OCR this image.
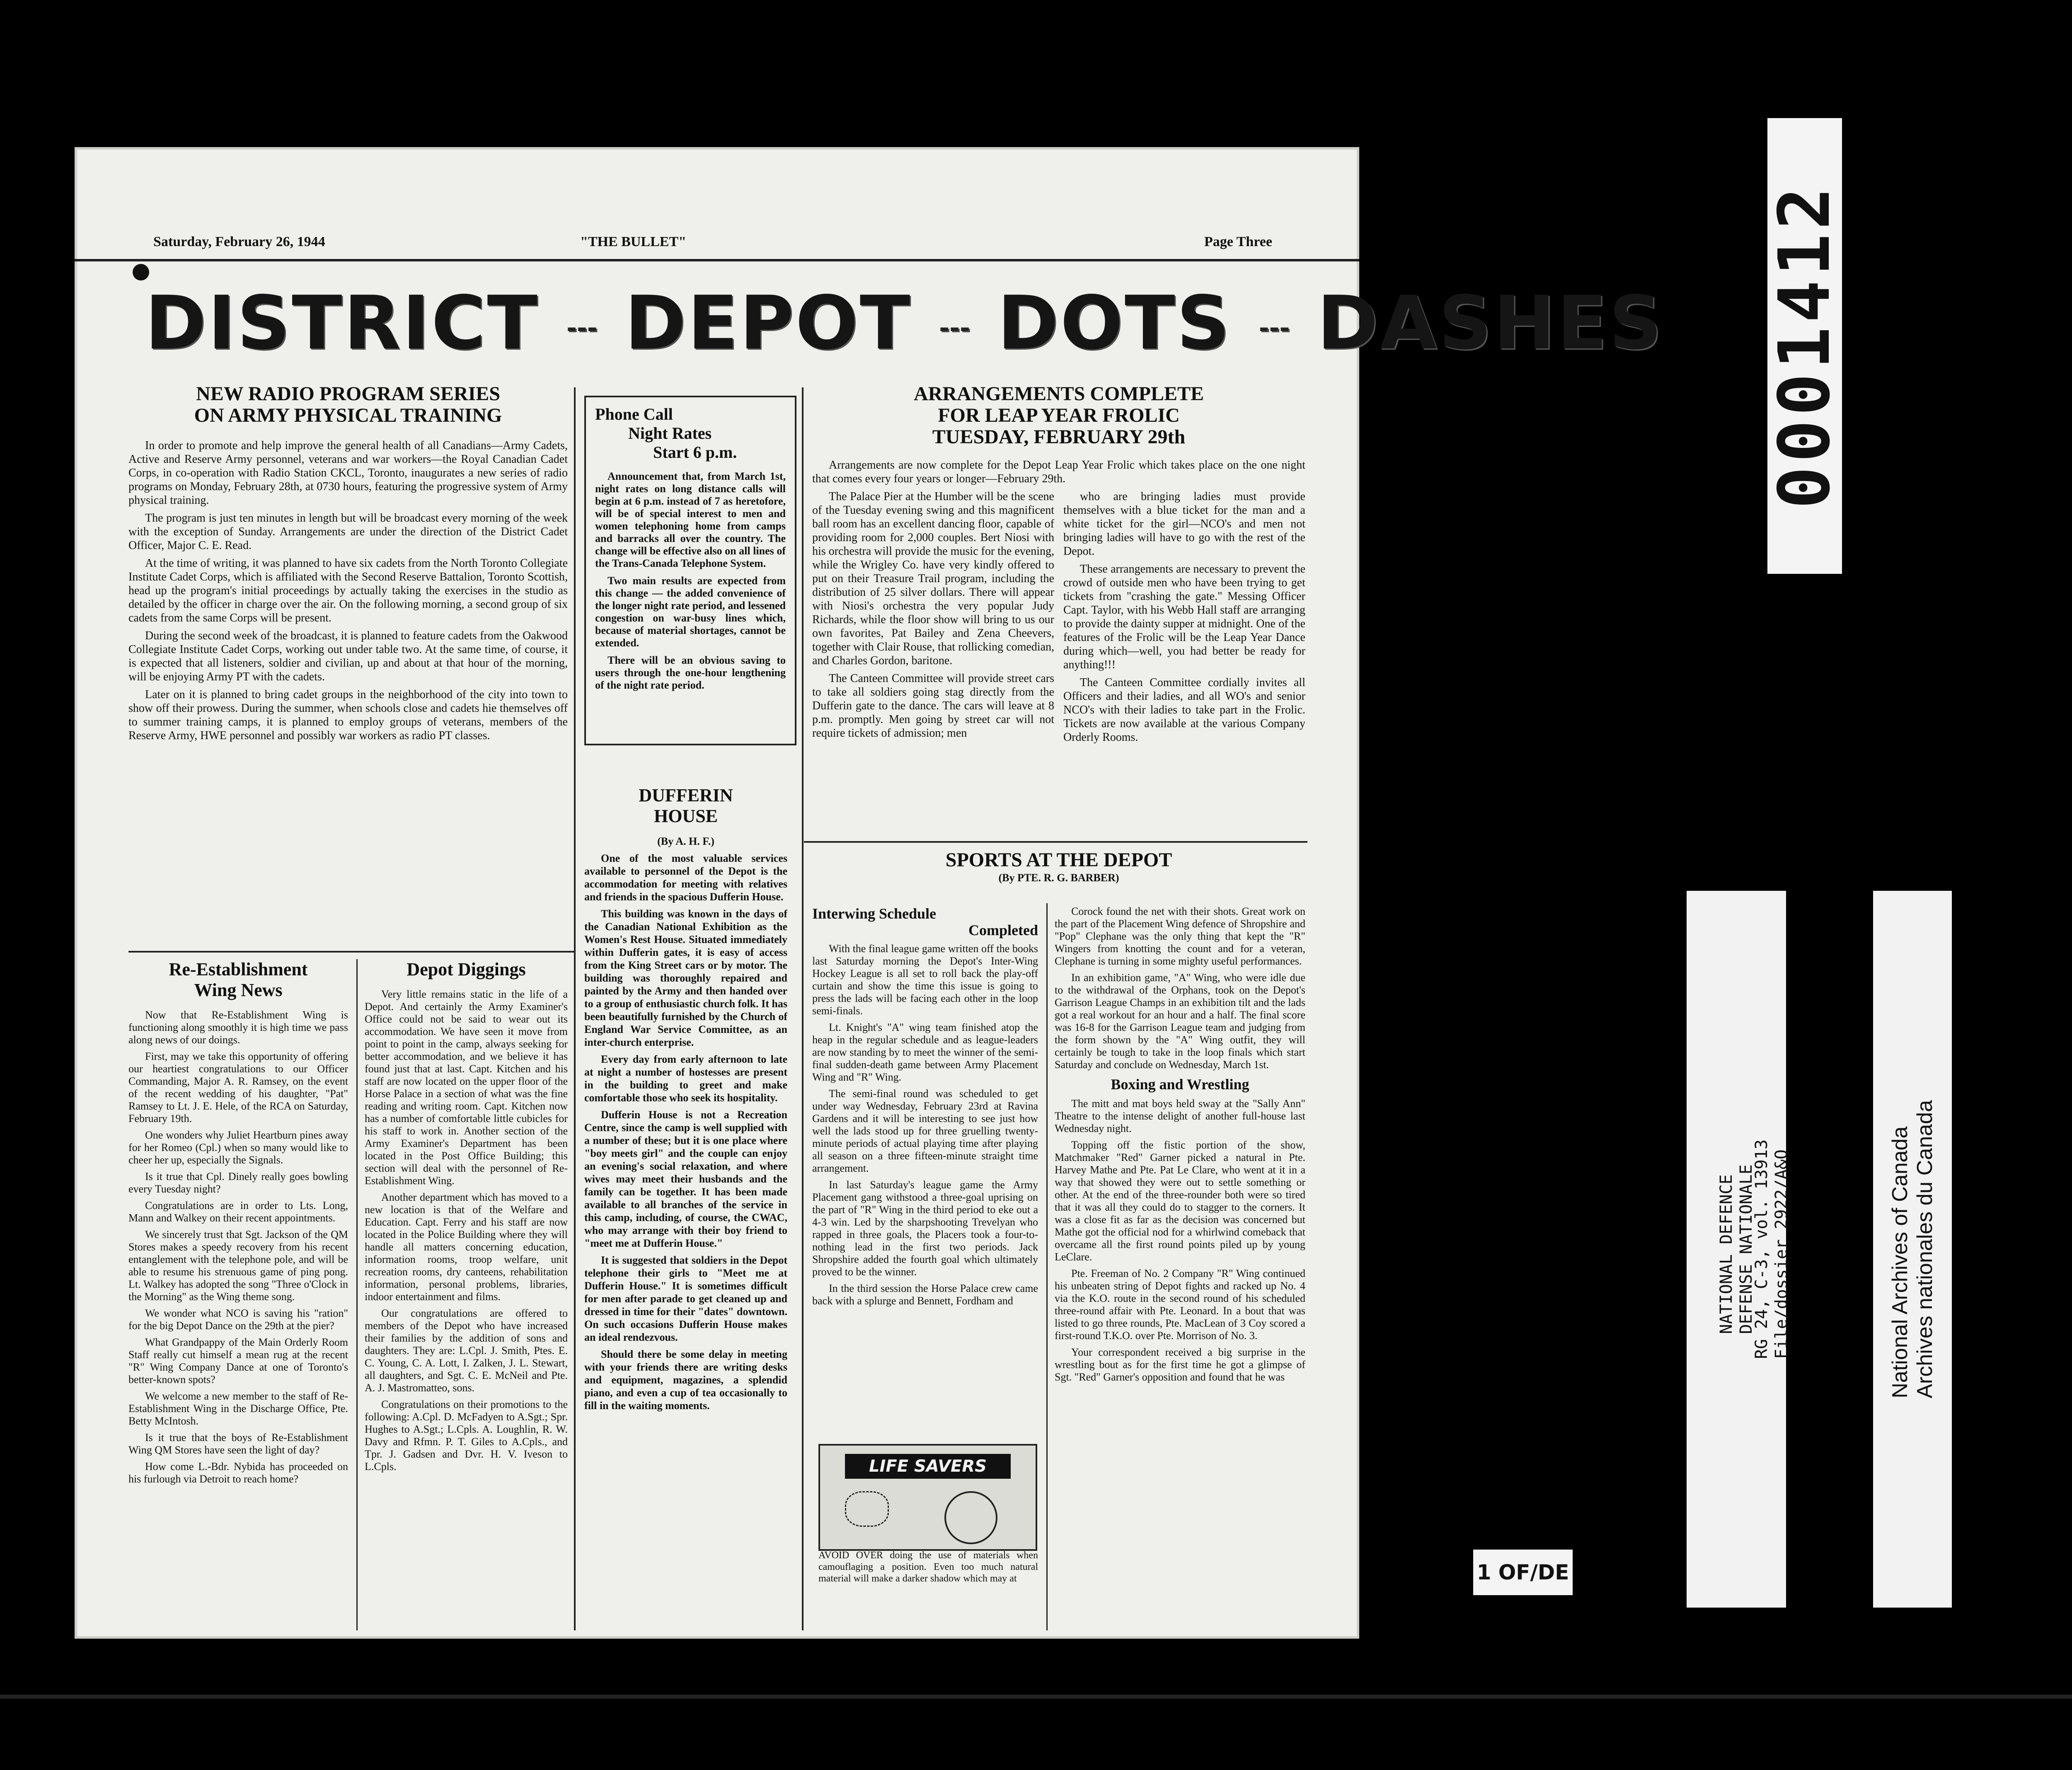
Saturday, February 26, 1944	"THE BULLET"	Page Three
DISTRICT --- DEPOT --- DOTS --- DASHES
NEW RADIO PROGRAM SERIES
ON ARMY PHYSICAL TRAINING

In order to promote and help improve the general health of all Canadians—Army Cadets, Active and Reserve Army personnel, veterans and war workers—the Royal Canadian Cadet Corps, in co-operation with Radio Station CKCL, Toronto, inaugurates a new series of radio programs on Monday, February 28th, at 0730 hours, featuring the progressive system of Army physical training.

The program is just ten minutes in length but will be broadcast every morning of the week with the exception of Sunday. Arrangements are under the direction of the District Cadet Officer, Major C. E. Read.

At the time of writing, it was planned to have six cadets from the North Toronto Collegiate Institute Cadet Corps, which is affiliated with the Second Reserve Battalion, Toronto Scottish, head up the program's initial proceedings by actually taking the exercises in the studio as detailed by the officer in charge over the air. On the following morning, a second group of six cadets from the same Corps will be present.

During the second week of the broadcast, it is planned to feature cadets from the Oakwood Collegiate Institute Cadet Corps, working out under table two. At the same time, of course, it is expected that all listeners, soldier and civilian, up and about at that hour of the morning, will be enjoying Army PT with the cadets.

Later on it is planned to bring cadet groups in the neighborhood of the city into town to show off their prowess. During the summer, when schools close and cadets hie themselves off to summer training camps, it is planned to employ groups of veterans, members of the Reserve Army, HWE personnel and possibly war workers as radio PT classes.

Phone Call
Night Rates
Start 6 p.m.

Announcement that, from March 1st, night rates on long distance calls will begin at 6 p.m. instead of 7 as heretofore, will be of special interest to men and women telephoning home from camps and barracks all over the country. The change will be effective also on all lines of the Trans-Canada Telephone System.

Two main results are expected from this change — the added convenience of the longer night rate period, and lessened congestion on war-busy lines which, because of material shortages, cannot be extended.

There will be an obvious saving to users through the one-hour lengthening of the night rate period.

DUFFERIN
HOUSE
(By A. H. F.)

One of the most valuable services available to personnel of the Depot is the accommodation for meeting with relatives and friends in the spacious Dufferin House.

This building was known in the days of the Canadian National Exhibition as the Women's Rest House. Situated immediately within Dufferin gates, it is easy of access from the King Street cars or by motor. The building was thoroughly repaired and painted by the Army and then handed over to a group of enthusiastic church folk. It has been beautifully furnished by the Church of England War Service Committee, as an inter-church enterprise.

Every day from early afternoon to late at night a number of hostesses are present in the building to greet and make comfortable those who seek its hospitality.

Dufferin House is not a Recreation Centre, since the camp is well supplied with a number of these; but it is one place where "boy meets girl" and the couple can enjoy an evening's social relaxation, and where wives may meet their husbands and the family can be together. It has been made available to all branches of the service in this camp, including, of course, the CWAC, who may arrange with their boy friend to "meet me at Dufferin House."

It is suggested that soldiers in the Depot telephone their girls to "Meet me at Dufferin House." It is sometimes difficult for men after parade to get cleaned up and dressed in time for their "dates" downtown. On such occasions Dufferin House makes an ideal rendezvous.

Should there be some delay in meeting with your friends there are writing desks and equipment, magazines, a splendid piano, and even a cup of tea occasionally to fill in the waiting moments.

ARRANGEMENTS COMPLETE
FOR LEAP YEAR FROLIC
TUESDAY, FEBRUARY 29th

Arrangements are now complete for the Depot Leap Year Frolic which takes place on the one night that comes every four years or longer—February 29th.

The Palace Pier at the Humber will be the scene of the Tuesday evening swing and this magnificent ball room has an excellent dancing floor, capable of providing room for 2,000 couples. Bert Niosi with his orchestra will provide the music for the evening, while the Wrigley Co. have very kindly offered to put on their Treasure Trail program, including the distribution of 25 silver dollars. There will appear with Niosi's orchestra the very popular Judy Richards, while the floor show will bring to us our own favorites, Pat Bailey and Zena Cheevers, together with Clair Rouse, that rollicking comedian, and Charles Gordon, baritone.

The Canteen Committee will provide street cars to take all soldiers going stag directly from the Dufferin gate to the dance. The cars will leave at 8 p.m. promptly. Men going by street car will not require tickets of admission; men

who are bringing ladies must provide themselves with a blue ticket for the man and a white ticket for the girl—NCO's and men not bringing ladies will have to go with the rest of the Depot.

These arrangements are necessary to prevent the crowd of outside men who have been trying to get tickets from "crashing the gate." Messing Officer Capt. Taylor, with his Webb Hall staff are arranging to provide the dainty supper at midnight. One of the features of the Frolic will be the Leap Year Dance during which—well, you had better be ready for anything!!!

The Canteen Committee cordially invites all Officers and their ladies, and all WO's and senior NCO's with their ladies to take part in the Frolic. Tickets are now available at the various Company Orderly Rooms.

Re-Establishment
Wing News

Now that Re-Establishment Wing is functioning along smoothly it is high time we pass along news of our doings.

First, may we take this opportunity of offering our heartiest congratulations to our Officer Commanding, Major A. R. Ramsey, on the event of the recent wedding of his daughter, "Pat" Ramsey to Lt. J. E. Hele, of the RCA on Saturday, February 19th.

One wonders why Juliet Heartburn pines away for her Romeo (Cpl.) when so many would like to cheer her up, especially the Signals.

Is it true that Cpl. Dinely really goes bowling every Tuesday night?

Congratulations are in order to Lts. Long, Mann and Walkey on their recent appointments.

We sincerely trust that Sgt. Jackson of the QM Stores makes a speedy recovery from his recent entanglement with the telephone pole, and will be able to resume his strenuous game of ping pong. Lt. Walkey has adopted the song "Three o'Clock in the Morning" as the Wing theme song.

We wonder what NCO is saving his "ration" for the big Depot Dance on the 29th at the pier?

What Grandpappy of the Main Orderly Room Staff really cut himself a mean rug at the recent "R" Wing Company Dance at one of Toronto's better-known spots?

We welcome a new member to the staff of Re-Establishment Wing in the Discharge Office, Pte. Betty McIntosh.

Is it true that the boys of Re-Establishment Wing QM Stores have seen the light of day?

How come L.-Bdr. Nybida has proceeded on his furlough via Detroit to reach home?

Depot Diggings

Very little remains static in the life of a Depot. And certainly the Army Examiner's Office could not be said to wear out its accommodation. We have seen it move from point to point in the camp, always seeking for better accommodation, and we believe it has found just that at last. Capt. Kitchen and his staff are now located on the upper floor of the Horse Palace in a section of what was the fine reading and writing room. Capt. Kitchen now has a number of comfortable little cubicles for his staff to work in. Another section of the Army Examiner's Department has been located in the Post Office Building; this section will deal with the personnel of Re-Establishment Wing.

Another department which has moved to a new location is that of the Welfare and Education. Capt. Ferry and his staff are now located in the Police Building where they will handle all matters concerning education, information rooms, troop welfare, unit recreation rooms, dry canteens, rehabilitation information, personal problems, libraries, indoor entertainment and films.

Our congratulations are offered to members of the Depot who have increased their families by the addition of sons and daughters. They are: L.Cpl. J. Smith, Ptes. E. C. Young, C. A. Lott, I. Zalken, J. L. Stewart, all daughters, and Sgt. C. E. McNeil and Pte. A. J. Mastromatteo, sons.

Congratulations on their promotions to the following: A.Cpl. D. McFadyen to A.Sgt.; Spr. Hughes to A.Sgt.; L.Cpls. A. Loughlin, R. W. Davy and Rfmn. P. T. Giles to A.Cpls., and Tpr. J. Gadsen and Dvr. H. V. Iveson to L.Cpls.

SPORTS AT THE DEPOT
(By PTE. R. G. BARBER)
Interwing Schedule
Completed

With the final league game written off the books last Saturday morning the Depot's Inter-Wing Hockey League is all set to roll back the play-off curtain and show the time this issue is going to press the lads will be facing each other in the loop semi-finals.

Lt. Knight's "A" wing team finished atop the heap in the regular schedule and as league-leaders are now standing by to meet the winner of the semi-final sudden-death game between Army Placement Wing and "R" Wing.

The semi-final round was scheduled to get under way Wednesday, February 23rd at Ravina Gardens and it will be interesting to see just how well the lads stood up for three gruelling twenty-minute periods of actual playing time after playing all season on a three fifteen-minute straight time arrangement.

In last Saturday's league game the Army Placement gang withstood a three-goal uprising on the part of "R" Wing in the third period to eke out a 4-3 win. Led by the sharpshooting Trevelyan who rapped in three goals, the Placers took a four-to-nothing lead in the first two periods. Jack Shropshire added the fourth goal which ultimately proved to be the winner.

In the third session the Horse Palace crew came back with a splurge and Bennett, Fordham and

Corock found the net with their shots. Great work on the part of the Placement Wing defence of Shropshire and "Pop" Clephane was the only thing that kept the "R" Wingers from knotting the count and for a veteran, Clephane is turning in some mighty useful performances.

In an exhibition game, "A" Wing, who were idle due to the withdrawal of the Orphans, took on the Depot's Garrison League Champs in an exhibition tilt and the lads got a real workout for an hour and a half. The final score was 16-8 for the Garrison League team and judging from the form shown by the "A" Wing outfit, they will certainly be tough to take in the loop finals which start Saturday and conclude on Wednesday, March 1st.

Boxing and Wrestling

The mitt and mat boys held sway at the "Sally Ann" Theatre to the intense delight of another full-house last Wednesday night.

Topping off the fistic portion of the show, Matchmaker "Red" Garner picked a natural in Pte. Harvey Mathe and Pte. Pat Le Clare, who went at it in a way that showed they were out to settle something or other. At the end of the three-rounder both were so tired that it was all they could do to stagger to the corners. It was a close fit as far as the decision was concerned but Mathe got the official nod for a whirlwind comeback that overcame all the first round points piled up by young LeClare.

Pte. Freeman of No. 2 Company "R" Wing continued his unbeaten string of Depot fights and racked up No. 4 via the K.O. route in the second round of his scheduled three-round affair with Pte. Leonard. In a bout that was listed to go three rounds, Pte. MacLean of 3 Coy scored a first-round T.K.O. over Pte. Morrison of No. 3.

Your correspondent received a big surprise in the wrestling bout as for the first time he got a glimpse of Sgt. "Red" Garner's opposition and found that he was

LIFE SAVERS
AVOID OVER doing the use of materials when camouflaging a position. Even too much natural material will make a darker shadow which may at
0001412
1 OF/DE
NATIONAL DEFENCE DEFENSE NATIONALE
RG 24, C-3, vol. 13913 File/dossier 2922/A&Q	National Archives of Canada Archives nationales du Canada
